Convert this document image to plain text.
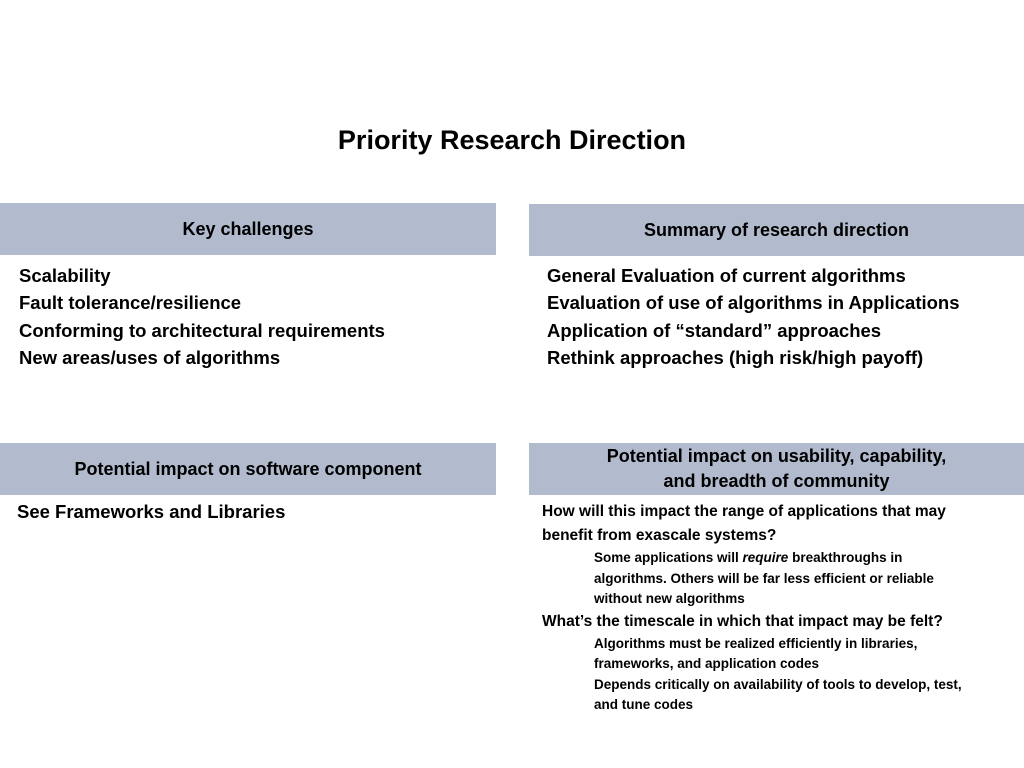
Priority Research Direction
Key challenges
Scalability
Fault tolerance/resilience
Conforming to architectural requirements
New areas/uses of algorithms
Summary of research direction
General Evaluation of current algorithms
Evaluation of use of algorithms in Applications
Application of “standard” approaches
Rethink approaches (high risk/high payoff)
Potential impact on software component
See Frameworks and Libraries
Potential impact on usability, capability,
and breadth of community

How will this impact the range of applications that may
benefit from exascale systems?

Some applications will require breakthroughs in
algorithms. Others will be far less efficient or reliable
without new algorithms

What’s the timescale in which that impact may be felt?

Algorithms must be realized efficiently in libraries,
frameworks, and application codes

Depends critically on availability of tools to develop, test,
and tune codes
